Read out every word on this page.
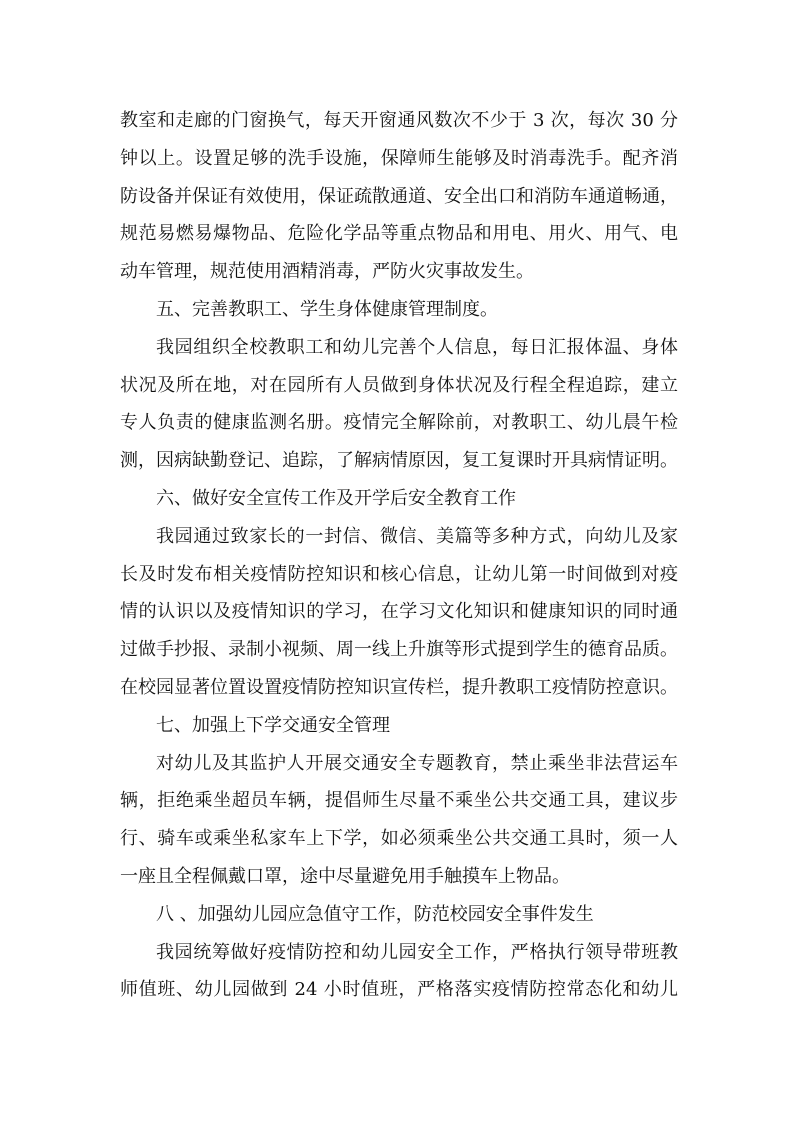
教室和走廊的门窗换气，每天开窗通风数次不少于 3 次，每次 30 分
钟以上。设置足够的洗手设施，保障师生能够及时消毒洗手。配齐消
防设备并保证有效使用，保证疏散通道、安全出口和消防车通道畅通，
规范易燃易爆物品、危险化学品等重点物品和用电、用火、用气、电
动车管理，规范使用酒精消毒，严防火灾事故发生。
五、完善教职工、学生身体健康管理制度。
我园组织全校教职工和幼儿完善个人信息，每日汇报体温、身体
状况及所在地，对在园所有人员做到身体状况及行程全程追踪，建立
专人负责的健康监测名册。疫情完全解除前，对教职工、幼儿晨午检
测，因病缺勤登记、追踪，了解病情原因，复工复课时开具病情证明。
六、做好安全宣传工作及开学后安全教育工作
我园通过致家长的一封信、微信、美篇等多种方式，向幼儿及家
长及时发布相关疫情防控知识和核心信息，让幼儿第一时间做到对疫
情的认识以及疫情知识的学习，在学习文化知识和健康知识的同时通
过做手抄报、录制小视频、周一线上升旗等形式提到学生的德育品质。
在校园显著位置设置疫情防控知识宣传栏，提升教职工疫情防控意识。
七、加强上下学交通安全管理
对幼儿及其监护人开展交通安全专题教育，禁止乘坐非法营运车
辆，拒绝乘坐超员车辆，提倡师生尽量不乘坐公共交通工具，建议步
行、骑车或乘坐私家车上下学，如必须乘坐公共交通工具时，须一人
一座且全程佩戴口罩，途中尽量避免用手触摸车上物品。
八 、加强幼儿园应急值守工作，防范校园安全事件发生
我园统筹做好疫情防控和幼儿园安全工作，严格执行领导带班教
师值班、幼儿园做到 24 小时值班，严格落实疫情防控常态化和幼儿
